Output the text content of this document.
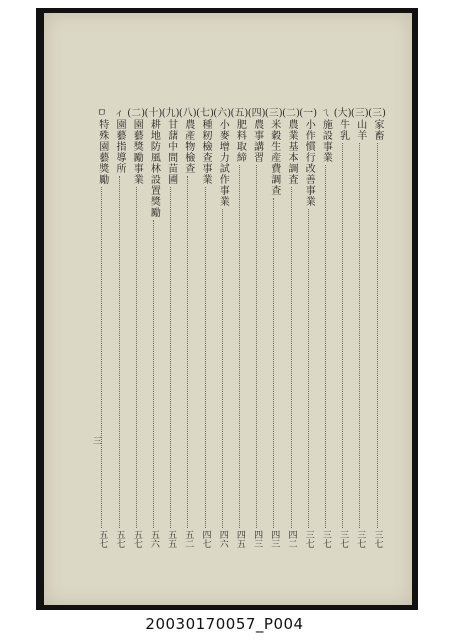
(三)
家畜
三七
(三)
山羊
三七
(大)
牛乳
三七
ㄟ
施設事業
三七
(一)
小作慣行改善事業
三七
(二)
農業基本調査
四二
(三)
米穀生産費調查
四三
(四)
農事講習
四三
(五)
肥料取締
四五
(六)
小麥增力試作事業
四六
(七)
種籾檢查事業
四七
(八)
農產物檢查
五二
(九)
甘藷中間苗圃
五五
(十)
耕地防風林設置獎勵
五六
(二)
園藝獎勵事業
五七
ィ
園藝指導所
五七
ㅁ
特殊園藝獎勵
五七
三
20030170057_P004
